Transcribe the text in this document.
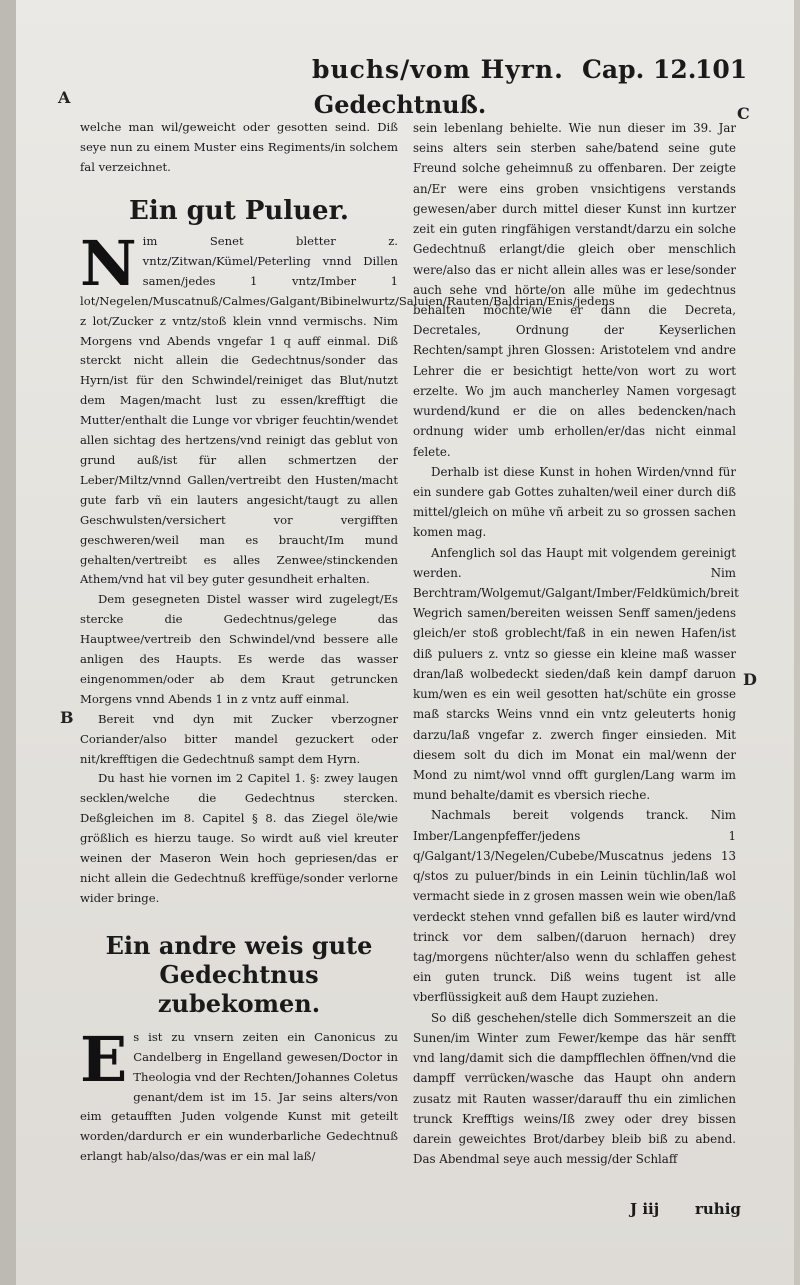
buchs/vom Hyrn. Cap. 12.
101
Gedechtnuß.
A
B
C
D

welche man wil/geweicht oder gesotten seind. Diß seye nun zu einem Muster eins Regiments/in solchem fal verzeichnet.

Ein gut Puluer.

Nim Senet bletter z. vntz/Zitwan/Kümel/Peterling vnnd Dillen samen/jedes 1 vntz/Imber 1 lot/Negelen/Muscatnuß/Calmes/Galgant/Bibinelwurtz/Saluien/Rauten/Baldrian/Enis/jedens z lot/Zucker z vntz/stoß klein vnnd vermischs. Nim Morgens vnd Abends vngefar 1 q auff einmal. Diß sterckt nicht allein die Gedechtnus/sonder das Hyrn/ist für den Schwindel/reiniget das Blut/nutzt dem Magen/macht lust zu essen/krefftigt die Mutter/enthalt die Lunge vor vbriger feuchtin/wendet allen sichtag des hertzens/vnd reinigt das geblut von grund auß/ist für allen schmertzen der Leber/Miltz/vnnd Gallen/vertreibt den Husten/macht gute farb vñ ein lauters angesicht/taugt zu allen Geschwulsten/versichert vor vergifften geschweren/weil man es braucht/Im mund gehalten/vertreibt es alles Zenwee/stinckenden Athem/vnd hat vil bey guter gesundheit erhalten.

Dem gesegneten Distel wasser wird zugelegt/Es stercke die Gedechtnus/gelege das Hauptwee/vertreib den Schwindel/vnd bessere alle anligen des Haupts. Es werde das wasser eingenommen/oder ab dem Kraut getruncken Morgens vnnd Abends 1 in z vntz auff einmal.

Bereit vnd dyn mit Zucker vberzogner Coriander/also bitter mandel gezuckert oder nit/krefftigen die Gedechtnuß sampt dem Hyrn.

Du hast hie vornen im 2 Capitel 1. §: zwey laugen secklen/welche die Gedechtnus stercken. Deßgleichen im 8. Capitel § 8. das Ziegel öle/wie größlich es hierzu tauge. So wirdt auß viel kreuter weinen der Maseron Wein hoch gepriesen/das er nicht allein die Gedechtnuß kreffüge/sonder verlorne wider bringe.

Ein andre weis gute Gedechtnus zubekomen.

Es ist zu vnsern zeiten ein Canonicus zu Candelberg in Engelland gewesen/Doctor in Theologia vnd der Rechten/Johannes Coletus genant/dem ist im 15. Jar seins alters/von eim getaufften Juden volgende Kunst mit geteilt worden/dardurch er ein wunderbarliche Gedechtnuß erlangt hab/also/das/was er ein mal laß/

sein lebenlang behielte. Wie nun dieser im 39. Jar seins alters sein sterben sahe/batend seine gute Freund solche geheimnuß zu offenbaren. Der zeigte an/Er were eins groben vnsichtigens verstands gewesen/aber durch mittel dieser Kunst inn kurtzer zeit ein guten ringfähigen verstandt/darzu ein solche Gedechtnuß erlangt/die gleich ober menschlich were/also das er nicht allein alles was er lese/sonder auch sehe vnd hörte/on alle mühe im gedechtnus behalten möchte/wie er dann die Decreta, Decretales, Ordnung der Keyserlichen Rechten/sampt jhren Glossen: Aristotelem vnd andre Lehrer die er besichtigt hette/von wort zu wort erzelte. Wo jm auch mancherley Namen vorgesagt wurdend/kund er die on alles bedencken/nach ordnung wider umb erhollen/er/das nicht einmal felete.

Derhalb ist diese Kunst in hohen Wirden/vnnd für ein sundere gab Gottes zuhalten/weil einer durch diß mittel/gleich on mühe vñ arbeit zu so grossen sachen komen mag.

Anfenglich sol das Haupt mit volgendem gereinigt werden. Nim Berchtram/Wolgemut/Galgant/Imber/Feldkümich/breit Wegrich samen/bereiten weissen Senff samen/jedens gleich/er stoß groblecht/faß in ein newen Hafen/ist diß puluers z. vntz so giesse ein kleine maß wasser dran/laß wolbedeckt sieden/daß kein dampf daruon kum/wen es ein weil gesotten hat/schüte ein grosse maß starcks Weins vnnd ein vntz geleuterts honig darzu/laß vngefar z. zwerch finger einsieden. Mit diesem solt du dich im Monat ein mal/wenn der Mond zu nimt/wol vnnd offt gurglen/Lang warm im mund behalte/damit es vbersich rieche.

Nachmals bereit volgends tranck. Nim Imber/Langenpfeffer/jedens 1 q/Galgant/13/Negelen/Cubebe/Muscatnus jedens 13 q/stos zu puluer/binds in ein Leinin tüchlin/laß wol vermacht siede in z grosen massen wein wie oben/laß verdeckt stehen vnnd gefallen biß es lauter wird/vnd trinck vor dem salben/(daruon hernach) drey tag/morgens nüchter/also wenn du schlaffen gehest ein guten trunck. Diß weins tugent ist alle vberflüssigkeit auß dem Haupt zuziehen.

So diß geschehen/stelle dich Sommerszeit an die Sunen/im Winter zum Fewer/kempe das här senfft vnd lang/damit sich die dampfflechlen öffnen/vnd die dampff verrücken/wasche das Haupt ohn andern zusatz mit Rauten wasser/darauff thu ein zimlichen trunck Krefftigs weins/Iß zwey oder drey bissen darein geweichtes Brot/darbey bleib biß zu abend. Das Abendmal seye auch messig/der Schlaff

J iij ruhig
